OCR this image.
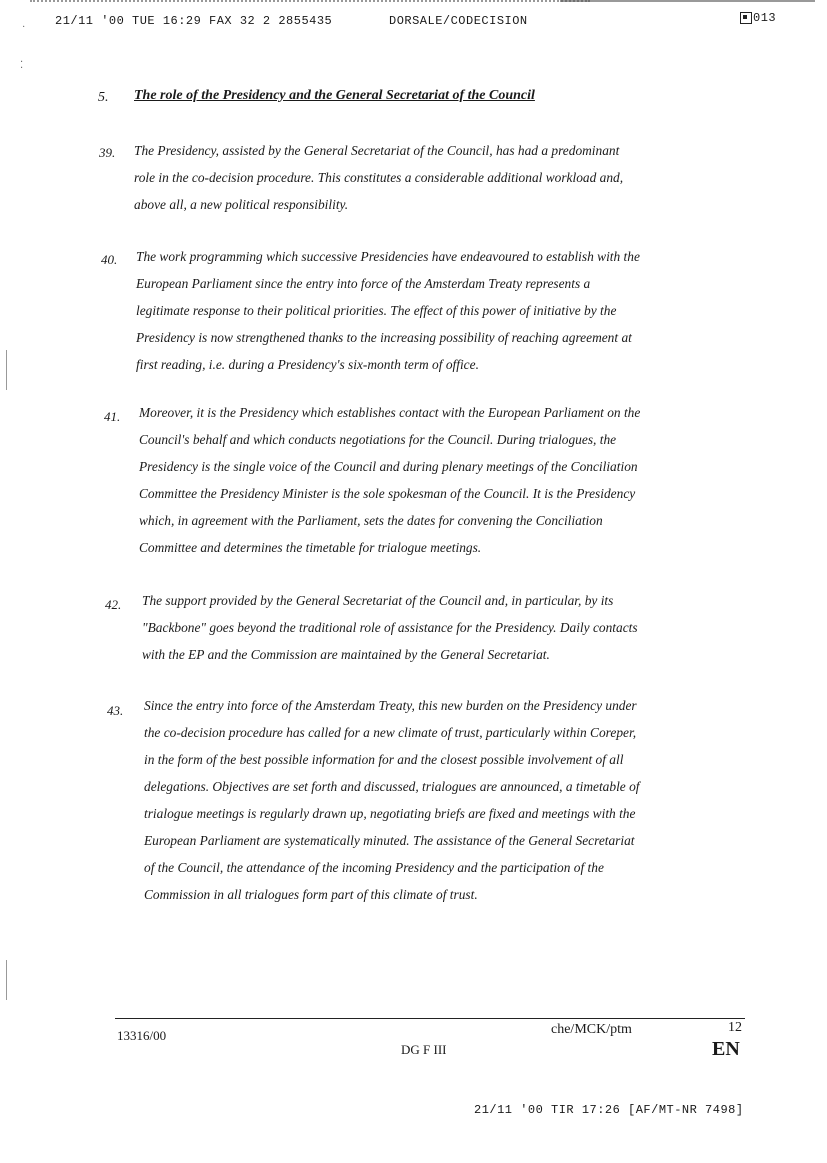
21/11 '00 TUE 16:29 FAX 32 2 2855435	DORSALE/CODECISION	013
·
⁚
5. The role of the Presidency and the General Secretariat of the Council
39. The Presidency, assisted by the General Secretariat of the Council, has had a predominant
role in the co-decision procedure. This constitutes a considerable additional workload and,
above all, a new political responsibility.
40. The work programming which successive Presidencies have endeavoured to establish with the
European Parliament since the entry into force of the Amsterdam Treaty represents a
legitimate response to their political priorities. The effect of this power of initiative by the
Presidency is now strengthened thanks to the increasing possibility of reaching agreement at
first reading, i.e. during a Presidency's six-month term of office.
41. Moreover, it is the Presidency which establishes contact with the European Parliament on the
Council's behalf and which conducts negotiations for the Council. During trialogues, the
Presidency is the single voice of the Council and during plenary meetings of the Conciliation
Committee the Presidency Minister is the sole spokesman of the Council. It is the Presidency
which, in agreement with the Parliament, sets the dates for convening the Conciliation
Committee and determines the timetable for trialogue meetings.
42. The support provided by the General Secretariat of the Council and, in particular, by its
"Backbone" goes beyond the traditional role of assistance for the Presidency. Daily contacts
with the EP and the Commission are maintained by the General Secretariat.
43. Since the entry into force of the Amsterdam Treaty, this new burden on the Presidency under
the co-decision procedure has called for a new climate of trust, particularly within Coreper,
in the form of the best possible information for and the closest possible involvement of all
delegations. Objectives are set forth and discussed, trialogues are announced, a timetable of
trialogue meetings is regularly drawn up, negotiating briefs are fixed and meetings with the
European Parliament are systematically minuted. The assistance of the General Secretariat
of the Council, the attendance of the incoming Presidency and the participation of the
Commission in all trialogues form part of this climate of trust.
13316/00	che/MCK/ptm	12
DG F III	EN
21/11 '00 TIR 17:26 [AF/MT-NR 7498]
